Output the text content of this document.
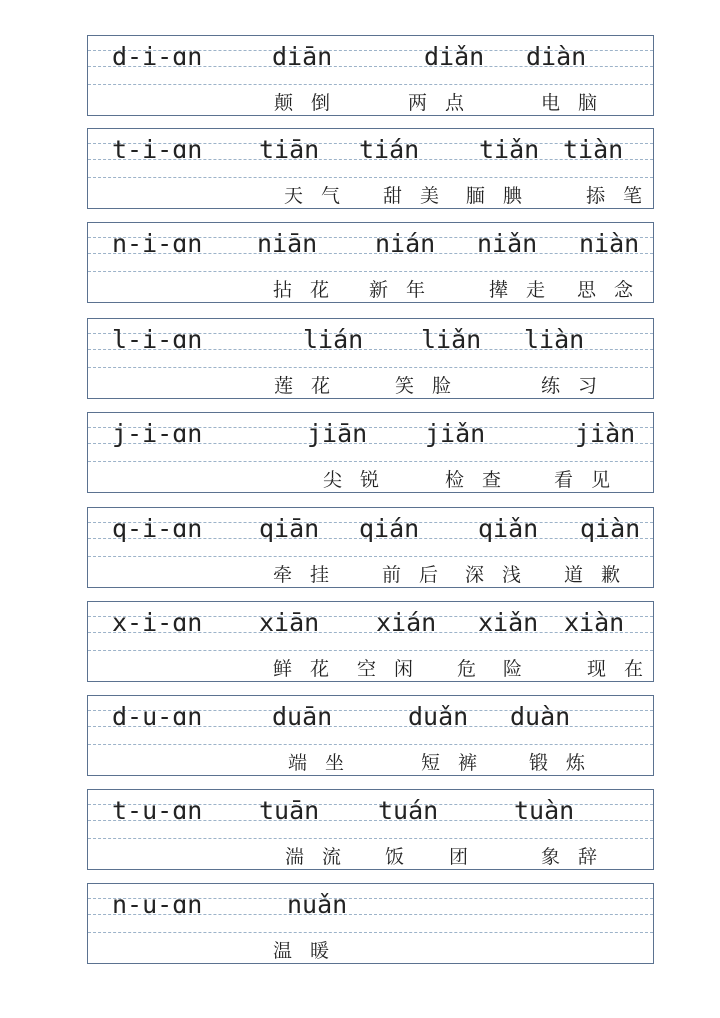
d-i-ɑn	diān	diǎn diàn
颠倒	两点	电脑
t-i-ɑn tiān tián tiǎn tiàn
天气 甜美 腼腆 掭笔
n-i-ɑn niān nián niǎn niàn
拈花 新年 撵走 思念
l-i-ɑn	lián liǎn liàn
莲花 笑脸	练习
j-i-ɑn	jiān jiǎn	jiàn
尖锐	检查 看见
q-i-ɑn qiān qián qiǎn qiàn
牵挂 前后 深浅 道歉
x-i-ɑn xiān xián xiǎn xiàn
鲜花 空闲 危险 现在
d-u-ɑn	duān	duǎn duàn
端坐	短裤 锻炼
t-u-ɑn tuān tuán	tuàn
湍流 饭团 象辞
n-u-ɑn	nuǎn
温暖
